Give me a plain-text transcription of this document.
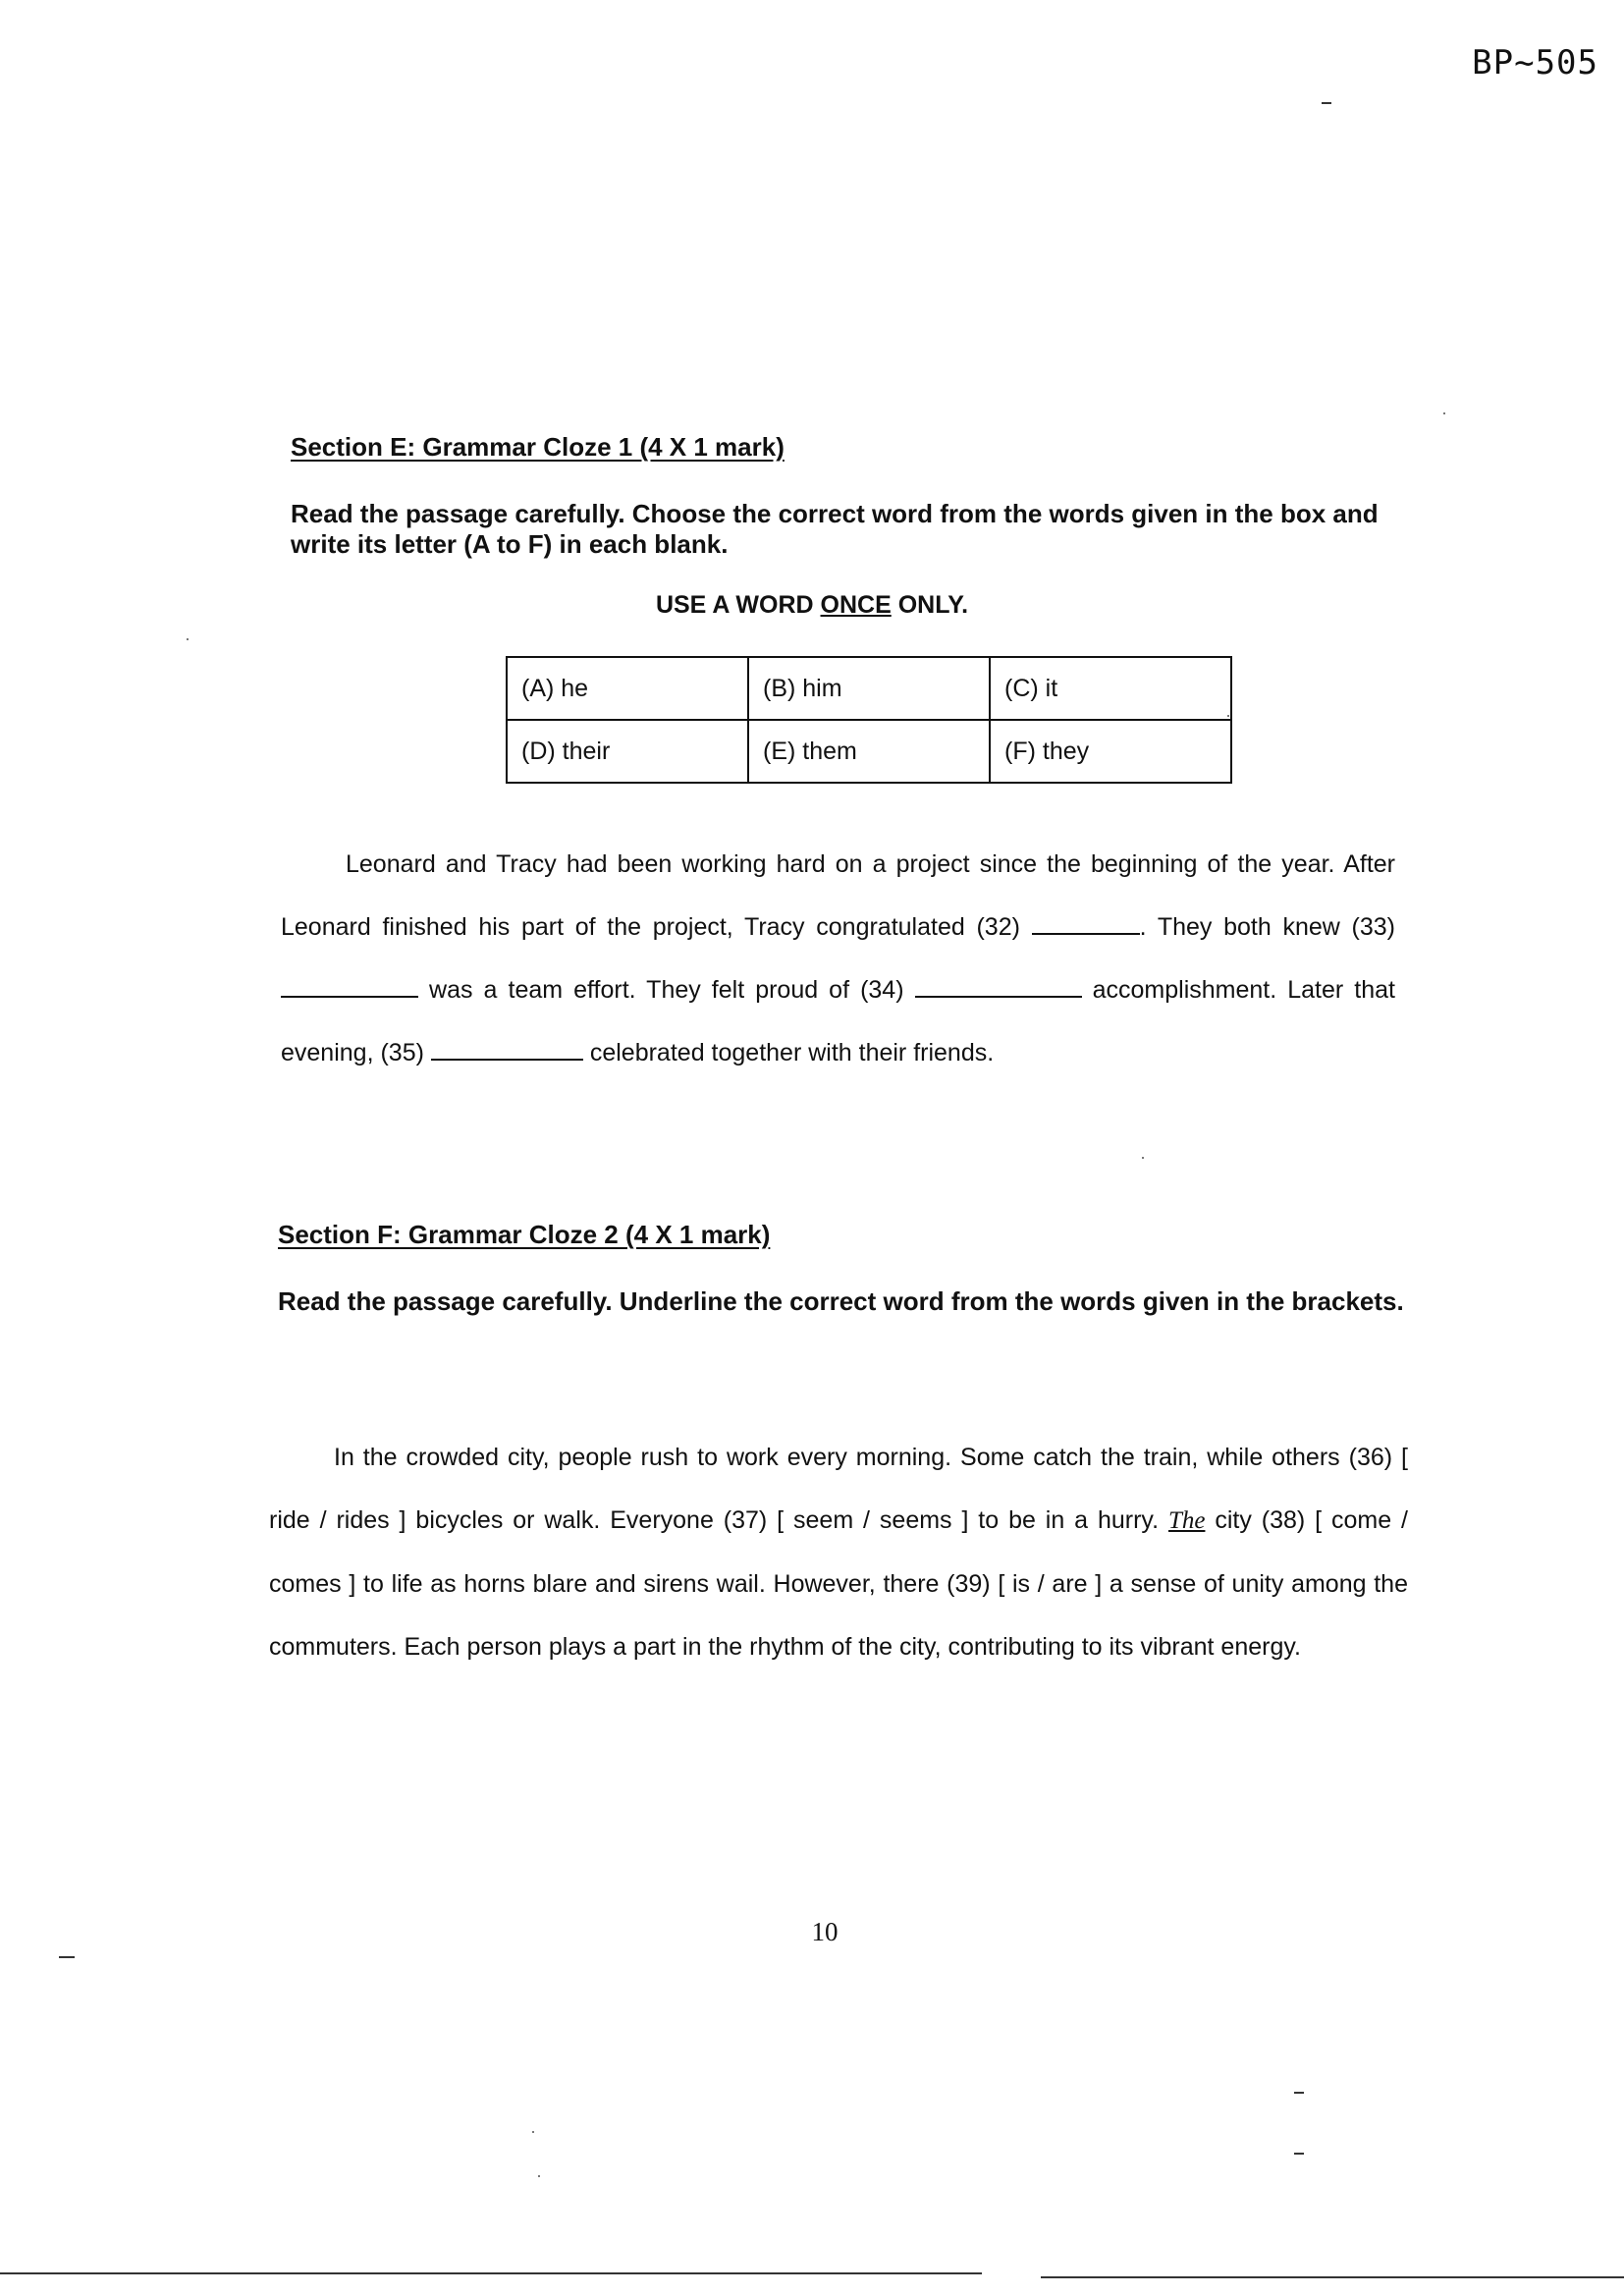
BP~505
Section E: Grammar Cloze 1 (4 X 1 mark)
Read the passage carefully. Choose the correct word from the words given in the box and write its letter (A to F) in each blank.
USE A WORD ONCE ONLY.
(A) he	(B) him	(C) it
(D) their	(E) them	(F) they
Leonard and Tracy had been working hard on a project since the beginning of the year. After Leonard finished his part of the project, Tracy congratulated (32)	. They both knew (33)  was a team effort. They felt proud of (34)	accomplishment. Later that evening, (35)	celebrated together with their friends.
Section F: Grammar Cloze 2 (4 X 1 mark)
Read the passage carefully. Underline the correct word from the words given in the brackets.
In the crowded city, people rush to work every morning. Some catch the train, while others (36) [ ride / rides ] bicycles or walk. Everyone (37) [ seem / seems ] to be in a hurry. The city (38) [ come / comes ] to life as horns blare and sirens wail. However, there (39) [ is / are ] a sense of unity among the commuters. Each person plays a part in the rhythm of the city, contributing to its vibrant energy.
10
